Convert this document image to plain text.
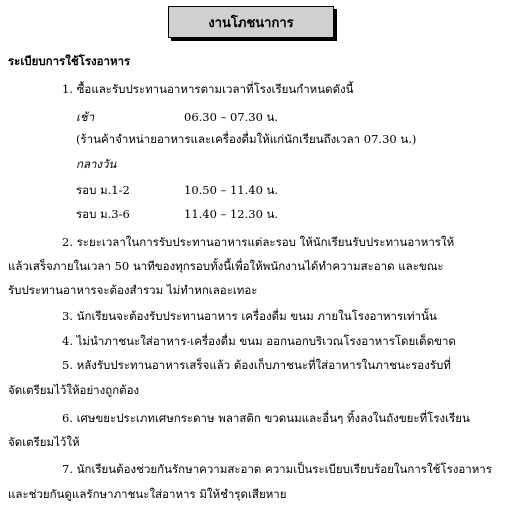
งานโภชนาการ
ระเบียบการใช้โรงอาหาร
1. ซื้อและรับประทานอาหารตามเวลาที่โรงเรียนกำหนดดังนี้
เช้า	06.30 – 07.30 น.
(ร้านค้าจำหน่ายอาหารและเครื่องดื่มให้แก่นักเรียนถึงเวลา 07.30 น.)
กลางวัน
รอบ ม.1-2	10.50 – 11.40 น.
รอบ ม.3-6	11.40 – 12.30 น.
2. ระยะเวลาในการรับประทานอาหารแต่ละรอบ ให้นักเรียนรับประทานอาหารให้
แล้วเสร็จภายในเวลา 50 นาทีของทุกรอบทั้งนี้เพื่อให้พนักงานได้ทำความสะอาด และขณะ
รับประทานอาหารจะต้องสำรวม ไม่ทำหกเลอะเทอะ
3. นักเรียนจะต้องรับประทานอาหาร เครื่องดื่ม ขนม ภายในโรงอาหารเท่านั้น
4. ไม่นำภาชนะใส่อาหาร-เครื่องดื่ม ขนม ออกนอกบริเวณโรงอาหารโดยเด็ดขาด
5. หลังรับประทานอาหารเสร็จแล้ว ต้องเก็บภาชนะที่ใส่อาหารในภาชนะรองรับที่
จัดเตรียมไว้ให้อย่างถูกต้อง
6. เศษขยะประเภทเศษกระดาษ พลาสติก ขวดนมและอื่นๆ ทิ้งลงในถังขยะที่โรงเรียน
จัดเตรียมไว้ให้
7. นักเรียนต้องช่วยกันรักษาความสะอาด ความเป็นระเบียบเรียบร้อยในการใช้โรงอาหาร
และช่วยกันดูแลรักษาภาชนะใส่อาหาร มิให้ชำรุดเสียหาย
